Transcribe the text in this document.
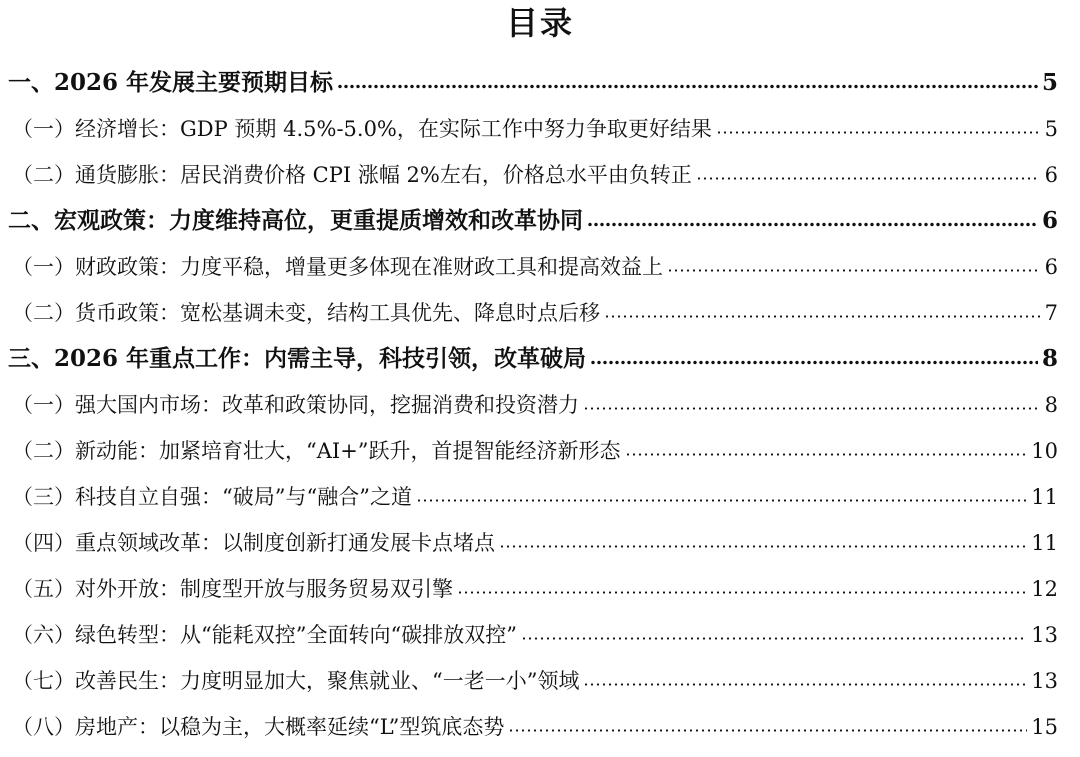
目录
一、2026 年发展主要预期目标	5
（一）经济增长：GDP 预期 4.5%-5.0%，在实际工作中努力争取更好结果	5
（二）通货膨胀：居民消费价格 CPI 涨幅 2%左右，价格总水平由负转正	6
二、宏观政策：力度维持高位，更重提质增效和改革协同	6
（一）财政政策：力度平稳，增量更多体现在准财政工具和提高效益上	6
（二）货币政策：宽松基调未变，结构工具优先、降息时点后移	7
三、2026 年重点工作：内需主导，科技引领，改革破局	8
（一）强大国内市场：改革和政策协同，挖掘消费和投资潜力	8
（二）新动能：加紧培育壮大，“AI+”跃升，首提智能经济新形态	10
（三）科技自立自强：“破局”与“融合”之道	11
（四）重点领域改革：以制度创新打通发展卡点堵点	11
（五）对外开放：制度型开放与服务贸易双引擎	12
（六）绿色转型：从“能耗双控”全面转向“碳排放双控”	13
（七）改善民生：力度明显加大，聚焦就业、“一老一小”领域	13
（八）房地产：以稳为主，大概率延续“L”型筑底态势	15
